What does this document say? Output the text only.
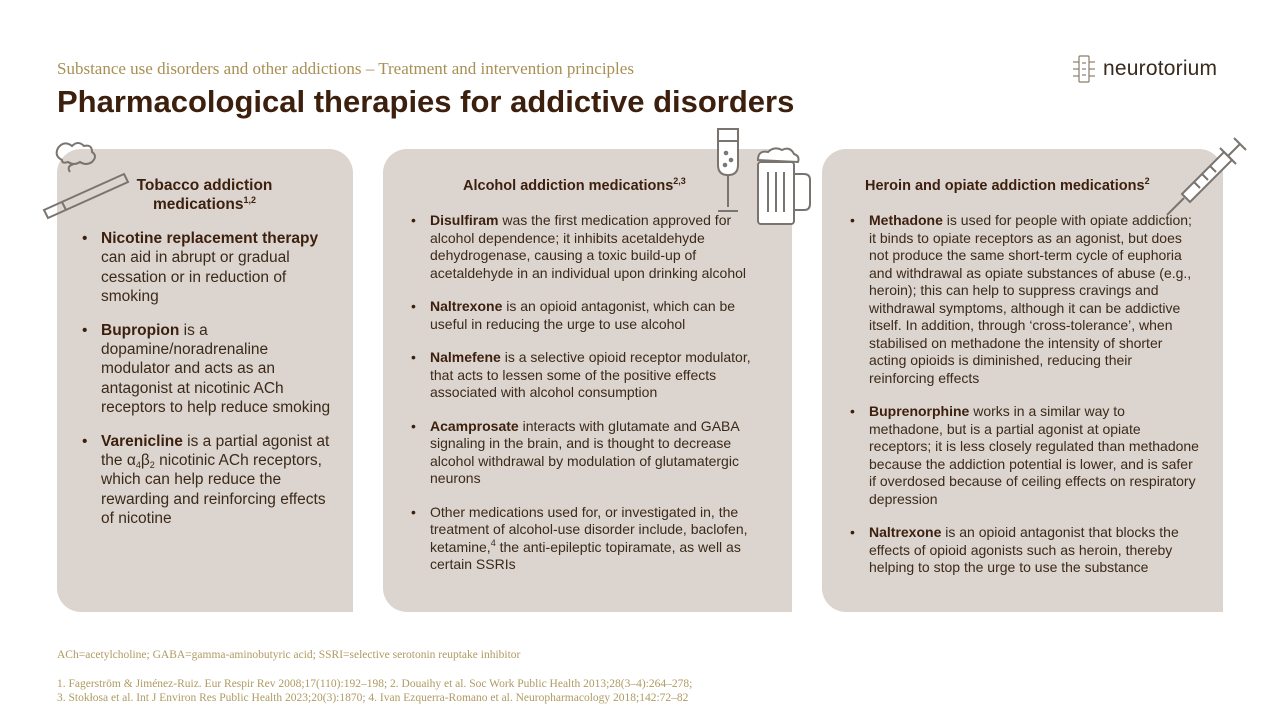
Substance use disorders and other addictions – Treatment and intervention principles
Pharmacological therapies for addictive disorders
neurotorium
Tobacco addiction
medications$^{1,2}$
• Nicotine replacement therapy can aid in abrupt or gradual cessation or in reduction of smoking
• Bupropion is a dopamine/noradrenaline modulator and acts as an antagonist at nicotinic ACh receptors to help reduce smoking
• Varenicline is a partial agonist at the $\alpha_4\beta_2$ nicotinic ACh receptors, which can help reduce the rewarding and reinforcing effects of nicotine
Alcohol addiction medications$^{2,3}$
• Disulfiram was the first medication approved for alcohol dependence; it inhibits acetaldehyde dehydrogenase, causing a toxic build-up of acetaldehyde in an individual upon drinking alcohol
• Naltrexone is an opioid antagonist, which can be useful in reducing the urge to use alcohol
• Nalmefene is a selective opioid receptor modulator, that acts to lessen some of the positive effects associated with alcohol consumption
• Acamprosate interacts with glutamate and GABA signaling in the brain, and is thought to decrease alcohol withdrawal by modulation of glutamatergic neurons
• Other medications used for, or investigated in, the treatment of alcohol-use disorder include, baclofen, ketamine,$^4$ the anti-epileptic topiramate, as well as certain SSRIs
Heroin and opiate addiction medications$^2$
• Methadone is used for people with opiate addiction; it binds to opiate receptors as an agonist, but does not produce the same short-term cycle of euphoria and withdrawal as opiate substances of abuse (e.g., heroin); this can help to suppress cravings and withdrawal symptoms, although it can be addictive itself. In addition, through ‘cross-tolerance’, when stabilised on methadone the intensity of shorter acting opioids is diminished, reducing their reinforcing effects
• Buprenorphine works in a similar way to methadone, but is a partial agonist at opiate receptors; it is less closely regulated than methadone because the addiction potential is lower, and is safer if overdosed because of ceiling effects on respiratory depression
• Naltrexone is an opioid antagonist that blocks the effects of opioid agonists such as heroin, thereby helping to stop the urge to use the substance
ACh=acetylcholine; GABA=gamma-aminobutyric acid; SSRI=selective serotonin reuptake inhibitor
1. Fagerström & Jiménez-Ruiz. Eur Respir Rev 2008;17(110):192–198; 2. Douaihy et al. Soc Work Public Health 2013;28(3–4):264–278;
3. Stokłosa et al. Int J Environ Res Public Health 2023;20(3):1870; 4. Ivan Ezquerra-Romano et al. Neuropharmacology 2018;142:72–82
